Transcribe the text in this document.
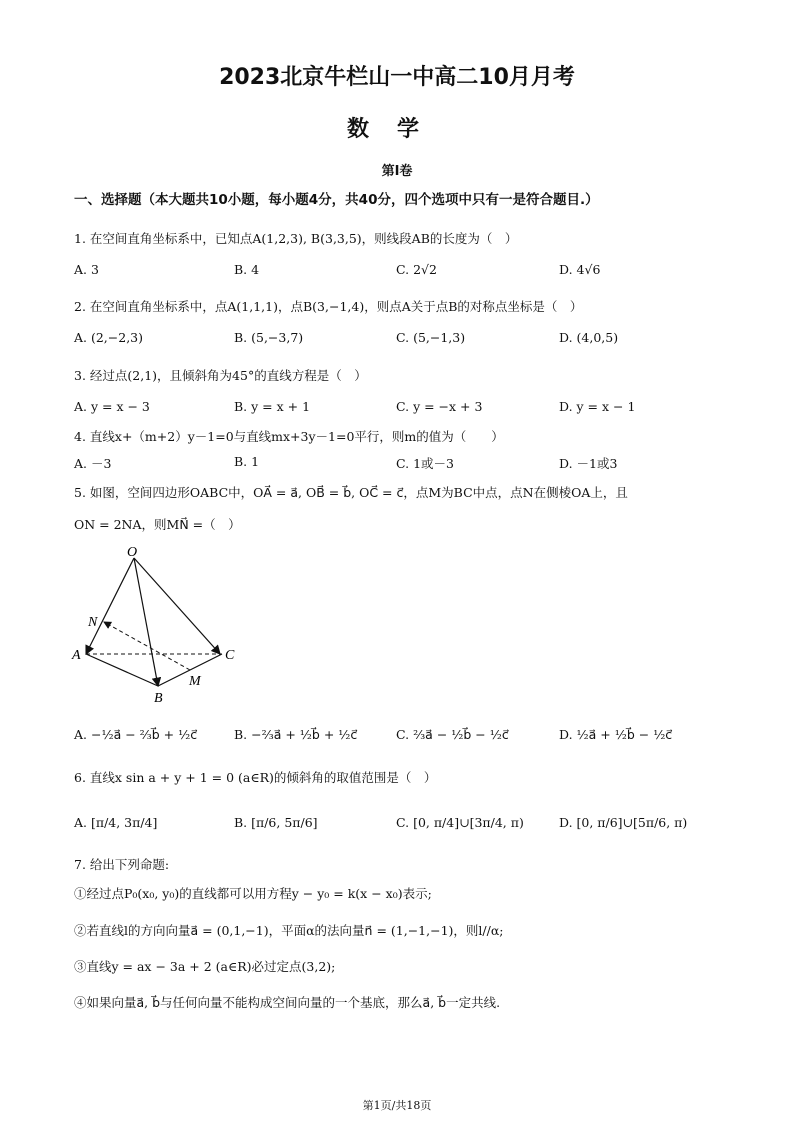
2023北京牛栏山一中高二10月月考
数学
第I卷
一、选择题（本大题共10小题，每小题4分，共40分，四个选项中只有一是符合题目.）
1. 在空间直角坐标系中，已知点A(1,2,3), B(3,3,5)，则线段AB的长度为（　）
A. 3	B. 4	C. 2√2	D. 4√6
2. 在空间直角坐标系中，点A(1,1,1)，点B(3,−1,4)，则点A关于点B的对称点坐标是（　）
A. (2,−2,3)	B. (5,−3,7)	C. (5,−1,3)	D. (4,0,5)
3. 经过点(2,1)，且倾斜角为45°的直线方程是（　）
A. y = x − 3	B. y = x + 1	C. y = −x + 3	D. y = x − 1
4. 直线x+（m+2）y－1=0与直线mx+3y－1=0平行，则m的值为（　　）
A. －3	B. 1	C. 1或－3	D. －1或3
5. 如图，空间四边形OABC中，OA⃗ = a⃗, OB⃗ = b⃗, OC⃗ = c⃗，点M为BC中点，点N在侧棱OA上，且
ON = 2NA，则MN⃗ =（　）
O
N
A	C
M
B
A. −½a⃗ − ⅔b⃗ + ½c⃗	B. −⅔a⃗ + ½b⃗ + ½c⃗	C. ⅔a⃗ − ½b⃗ − ½c⃗	D. ½a⃗ + ½b⃗ − ½c⃗
6. 直线x sin a + y + 1 = 0 (a∈R)的倾斜角的取值范围是（　）
A. [π/4, 3π/4]	B. [π/6, 5π/6]	C. [0, π/4]∪[3π/4, π)	D. [0, π/6]∪[5π/6, π)
7. 给出下列命题:
①经过点P₀(x₀, y₀)的直线都可以用方程y − y₀ = k(x − x₀)表示;
②若直线l的方向向量a⃗ = (0,1,−1)，平面α的法向量n⃗ = (1,−1,−1)，则l//α;
③直线y = ax − 3a + 2 (a∈R)必过定点(3,2);
④如果向量a⃗, b⃗与任何向量不能构成空间向量的一个基底，那么a⃗, b⃗一定共线.
第1页/共18页
